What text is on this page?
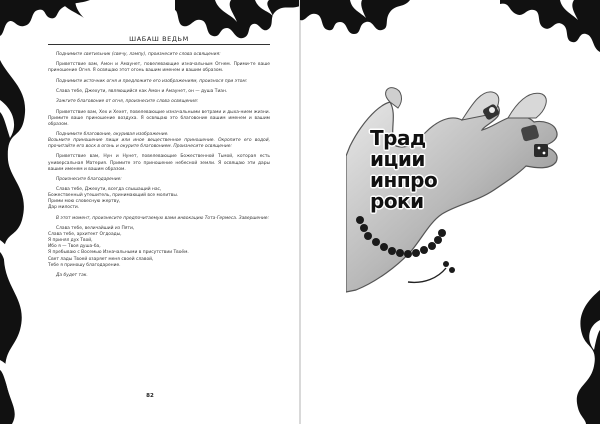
ШАБАШ ВЕДЬМ

Поднимите светильник (свечу, лампу), произнесите слова освящения:

Приветствие вам, Амон и Амаунет, повелевающие изначальным Огнем. Прими-те ваше приношение Огня. Я освящаю этот огонь вашим именем и вашим образом.

Поднимите источник огня и предложите его изображениям, произнося при этом:

Слава тебе, Джехути, являющийся как Амон и Амаунет, он — душа Тиан.

Зажгите благовоние от огня, произнесите слова освящения:

Приветствие вам, Хех и Хехет, повелевающие изначальными ветрами и дыха-нием жизни. Примите ваше приношение воздуха. Я освящаю это благовоние вашим именем и вашим образом.

Поднимите благовоние, окуривая изображение.

Возьмите приношение пищи или иное вещественное приношение. Окропите его водой, прочитайте его воск в огонь и окурите благовонием. Произнесите освящение:

Приветствие вам, Нун и Нунет, повелевающие Божественной Тьмой, которая есть универсальная Материя. Примите это приношение небесной земли. Я освящаю эти дары вашим именем и вашим образом.

Произнесите благодарение:

Слава тебе, Джехути, всегда слышащий нас,
Божественный утешитель, принимающий все молитвы.
Прими мою словесную жертву,
Дар милости.

В этот момент, произнесите предпочитаемую вами инвокацию Тота-Гермеса. Завершение:

Слава тебе, величайший из Пяти,
Слава тебе, архитект Огдоады,
Я принял дух Твой,
Ибо я — Твоя душа-ба,
Я пребываю с Восемью Изначальными в присутствии Твоём.
Свет лады Твоей озаряет меня своей славой,
Тебе я приношу благодарение.

Да будет так.

82
Трад
иции
инпро
роки
